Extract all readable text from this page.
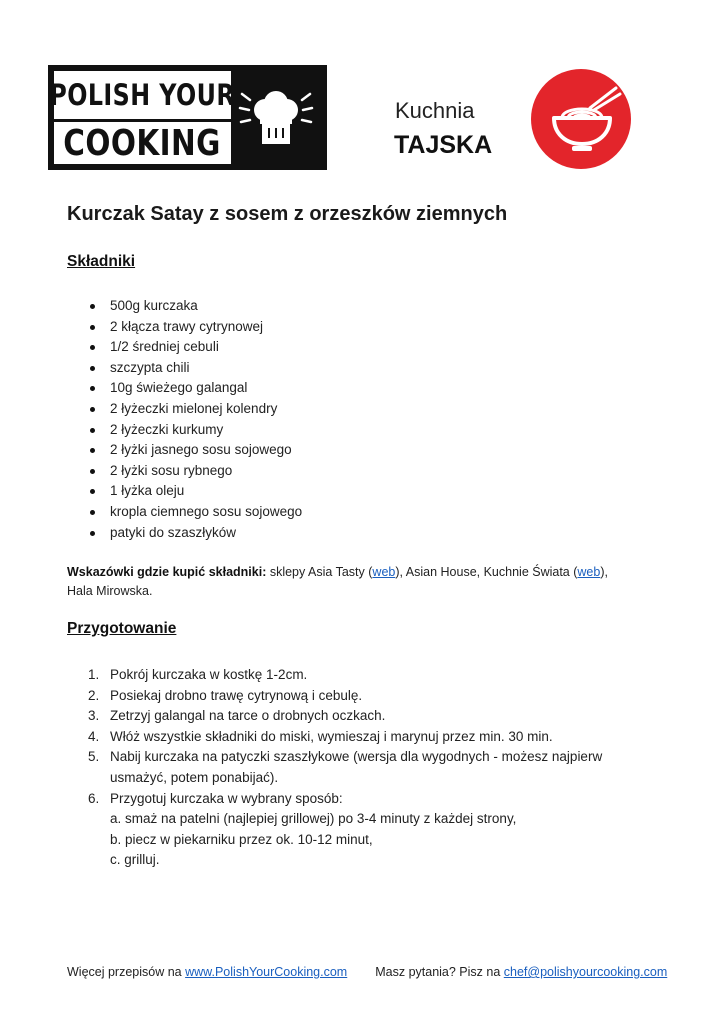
POLISH YOUR
COOKING
Kuchnia
TAJSKA
Kurczak Satay z sosem z orzeszków ziemnych
Składniki
500g kurczaka
2 kłącza trawy cytrynowej
1/2 średniej cebuli
szczypta chili
10g świeżego galangal
2 łyżeczki mielonej kolendry
2 łyżeczki kurkumy
2 łyżki jasnego sosu sojowego
2 łyżki sosu rybnego
1 łyżka oleju
kropla ciemnego sosu sojowego
patyki do szaszłyków
Wskazówki gdzie kupić składniki: sklepy Asia Tasty (web), Asian House, Kuchnie Świata (web), Hala Mirowska.
Przygotowanie
1. Pokrój kurczaka w kostkę 1-2cm.
2. Posiekaj drobno trawę cytrynową i cebulę.
3. Zetrzyj galangal na tarce o drobnych oczkach.
4. Włóż wszystkie składniki do miski, wymieszaj i marynuj przez min. 30 min.
5. Nabij kurczaka na patyczki szaszłykowe (wersja dla wygodnych - możesz najpierw
usmażyć, potem ponabijać).
6. Przygotuj kurczaka w wybrany sposób:
a. smaż na patelni (najlepiej grillowej) po 3-4 minuty z każdej strony,
b. piecz w piekarniku przez ok. 10-12 minut,
c. grilluj.
Więcej przepisów na www.PolishYourCooking.com Masz pytania? Pisz na chef@polishyourcooking.com
